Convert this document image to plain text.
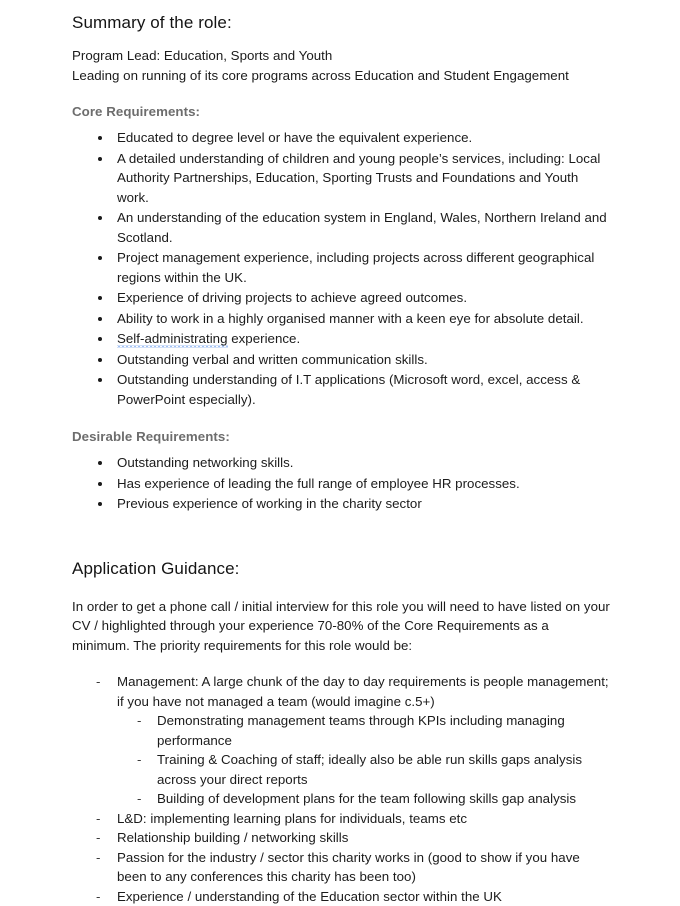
Summary of the role:

Program Lead: Education, Sports and Youth

Leading on running of its core programs across Education and Student Engagement

Core Requirements:
Educated to degree level or have the equivalent experience.
A detailed understanding of children and young people’s services, including: Local Authority Partnerships, Education, Sporting Trusts and Foundations and Youth work.
An understanding of the education system in England, Wales, Northern Ireland and Scotland.
Project management experience, including projects across different geographical regions within the UK.
Experience of driving projects to achieve agreed outcomes.
Ability to work in a highly organised manner with a keen eye for absolute detail.
Self-administrating experience.
Outstanding verbal and written communication skills.
Outstanding understanding of I.T applications (Microsoft word, excel, access & PowerPoint especially).
Desirable Requirements:
Outstanding networking skills.
Has experience of leading the full range of employee HR processes.
Previous experience of working in the charity sector
Application Guidance:

In order to get a phone call / initial interview for this role you will need to have listed on your CV / highlighted through your experience 70-80% of the Core Requirements as a minimum. The priority requirements for this role would be:

- Management: A large chunk of the day to day requirements is people management; if you have not managed a team (would imagine c.5+)
- Demonstrating management teams through KPIs including managing performance
- Training & Coaching of staff; ideally also be able run skills gaps analysis across your direct reports
- Building of development plans for the team following skills gap analysis
- L&D: implementing learning plans for individuals, teams etc
- Relationship building / networking skills
- Passion for the industry / sector this charity works in (good to show if you have been to any conferences this charity has been too)
- Experience / understanding of the Education sector within the UK
